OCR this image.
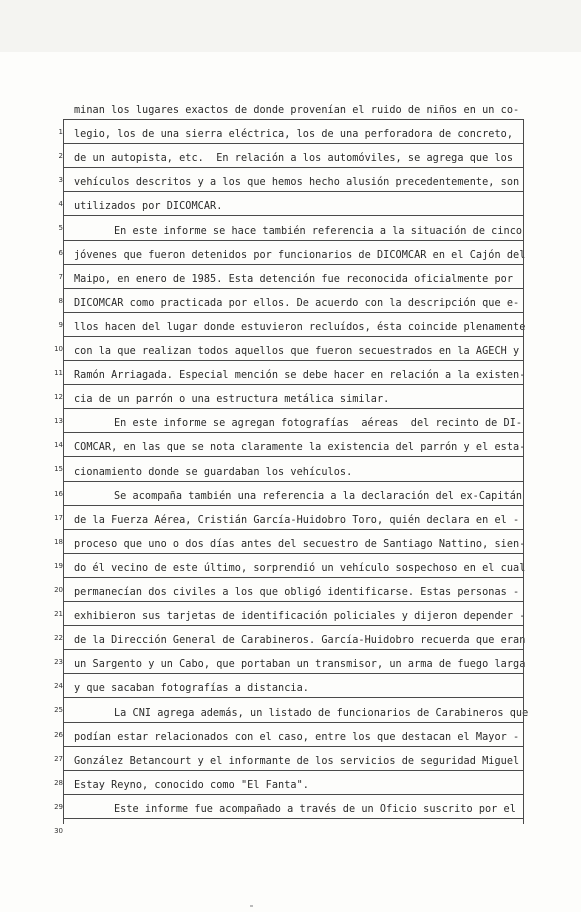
minan los lugares exactos de donde provenían el ruido de niños en un co-
legio, los de una sierra eléctrica, los de una perforadora de concreto,
de un autopista, etc.  En relación a los automóviles, se agrega que los
vehículos descritos y a los que hemos hecho alusión precedentemente, son
utilizados por DICOMCAR.
En este informe se hace también referencia a la situación de cinco
jóvenes que fueron detenidos por funcionarios de DICOMCAR en el Cajón del
Maipo, en enero de 1985. Esta detención fue reconocida oficialmente por
DICOMCAR como practicada por ellos. De acuerdo con la descripción que e-
llos hacen del lugar donde estuvieron recluídos, ésta coincide plenamente
con la que realizan todos aquellos que fueron secuestrados en la AGECH y
Ramón Arriagada. Especial mención se debe hacer en relación a la existen-
cia de un parrón o una estructura metálica similar.
En este informe se agregan fotografías  aéreas  del recinto de DI-
COMCAR, en las que se nota claramente la existencia del parrón y el esta-
cionamiento donde se guardaban los vehículos.
Se acompaña también una referencia a la declaración del ex-Capitán
de la Fuerza Aérea, Cristián García-Huidobro Toro, quién declara en el -
proceso que uno o dos días antes del secuestro de Santiago Nattino, sien-
do él vecino de este último, sorprendió un vehículo sospechoso en el cual
permanecían dos civiles a los que obligó identificarse. Estas personas -
exhibieron sus tarjetas de identificación policiales y dijeron depender -
de la Dirección General de Carabineros. García-Huidobro recuerda que eran
un Sargento y un Cabo, que portaban un transmisor, un arma de fuego larga
y que sacaban fotografías a distancia.
La CNI agrega además, un listado de funcionarios de Carabineros que
podían estar relacionados con el caso, entre los que destacan el Mayor -
González Betancourt y el informante de los servicios de seguridad Miguel
Estay Reyno, conocido como "El Fanta".
Este informe fue acompañado a través de un Oficio suscrito por el
1
2
3
4
5
6
7
8
9
10
11
12
13
14
15
16
17
18
19
20
21
22
23
24
25
26
27
28
29
30
